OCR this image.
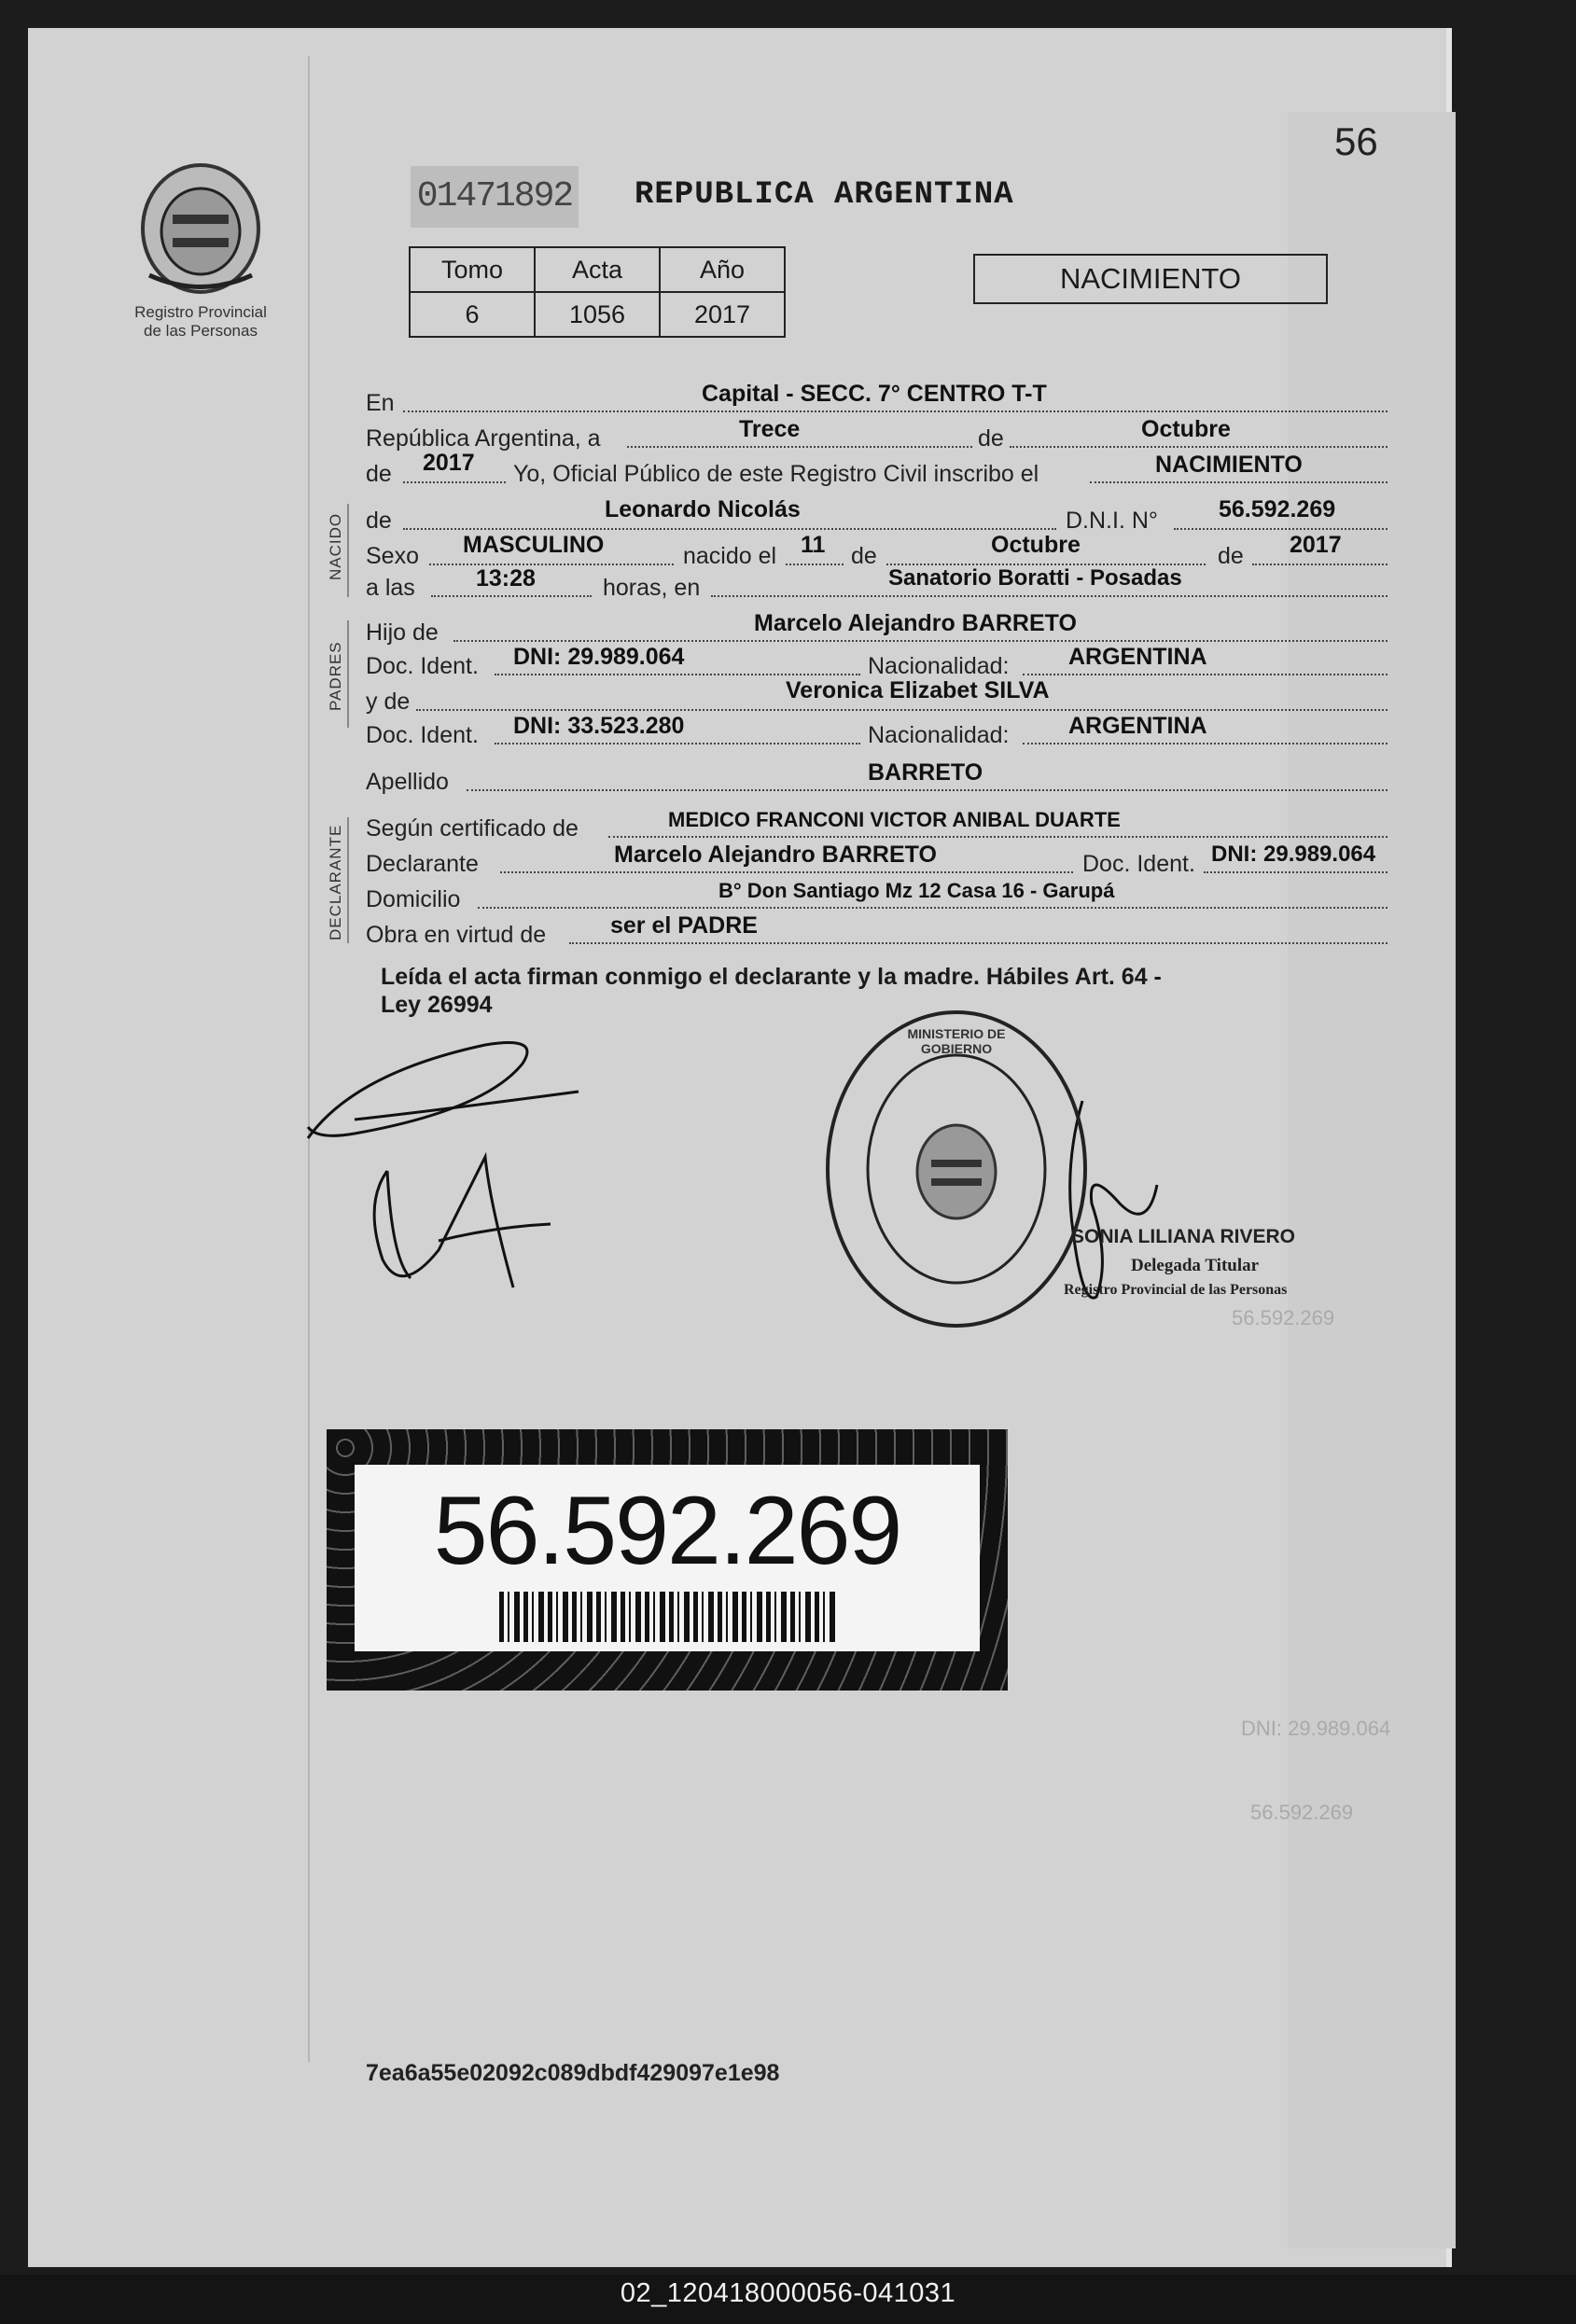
56.592.269
DNI: 29.989.064
56.592.269
Registro Provincial
de las Personas
56
01471892 REPUBLICA ARGENTINA
Tomo	Acta	Año
6	1056	2017
NACIMIENTO
NACIDO
PADRES
DECLARANTE
En	Capital - SECC. 7° CENTRO T-T
República Argentina, a	Trece	de	Octubre
de 2017 Yo, Oficial Público de este Registro Civil inscribo el	NACIMIENTO
de	Leonardo Nicolás	D.N.I. N°	56.592.269
Sexo MASCULINO	nacido el 11 de	Octubre	de 2017
a las	13:28	horas, en	Sanatorio Boratti - Posadas
Hijo de	Marcelo Alejandro BARRETO
Doc. Ident. DNI: 29.989.064	Nacionalidad:	ARGENTINA
y de	Veronica Elizabet SILVA
Doc. Ident. DNI: 33.523.280	Nacionalidad:	ARGENTINA
Apellido	BARRETO
Según certificado de	MEDICO FRANCONI VICTOR ANIBAL DUARTE
Declarante	Marcelo Alejandro BARRETO	Doc. Ident. DNI: 29.989.064
Domicilio	B° Don Santiago Mz 12 Casa 16 - Garupá
Obra en virtud de	ser el PADRE
Leída el acta firman conmigo el declarante y la madre. Hábiles Art. 64 - Ley 26994
MINISTERIO DE GOBIERNO
SONIA LILIANA RIVERO
Delegada Titular
Registro Provincial de las Personas
56.592.269
7ea6a55e02092c089dbdf429097e1e98
02_120418000056-041031
